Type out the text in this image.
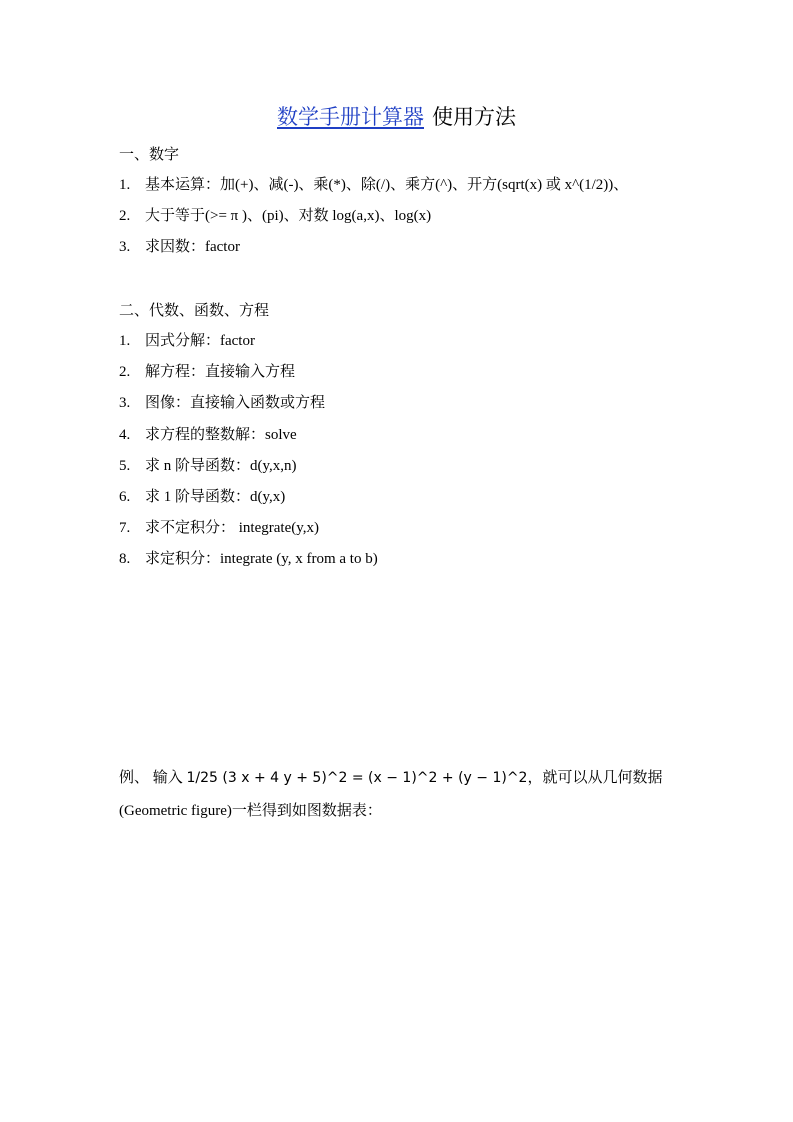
数学手册计算器 使用方法
一、数字
1. 基本运算：加(+)、减(-)、乘(*)、除(/)、乘方(^)、开方(sqrt(x) 或 x^(1/2))、
2. 大于等于(>= π )、(pi)、对数 log(a,x)、log(x)
3. 求因数：factor
二、代数、函数、方程
1. 因式分解：factor
2. 解方程：直接输入方程
3. 图像：直接输入函数或方程
4. 求方程的整数解：solve
5. 求 n 阶导函数：d(y,x,n)
6. 求 1 阶导函数：d(y,x)
7. 求不定积分： integrate(y,x)
8. 求定积分：integrate (y, x from a to b)
例、 输入 1/25 (3 x + 4 y + 5)^2 = (x − 1)^2 + (y − 1)^2，就可以从几何数据
(Geometric figure)一栏得到如图数据表：
